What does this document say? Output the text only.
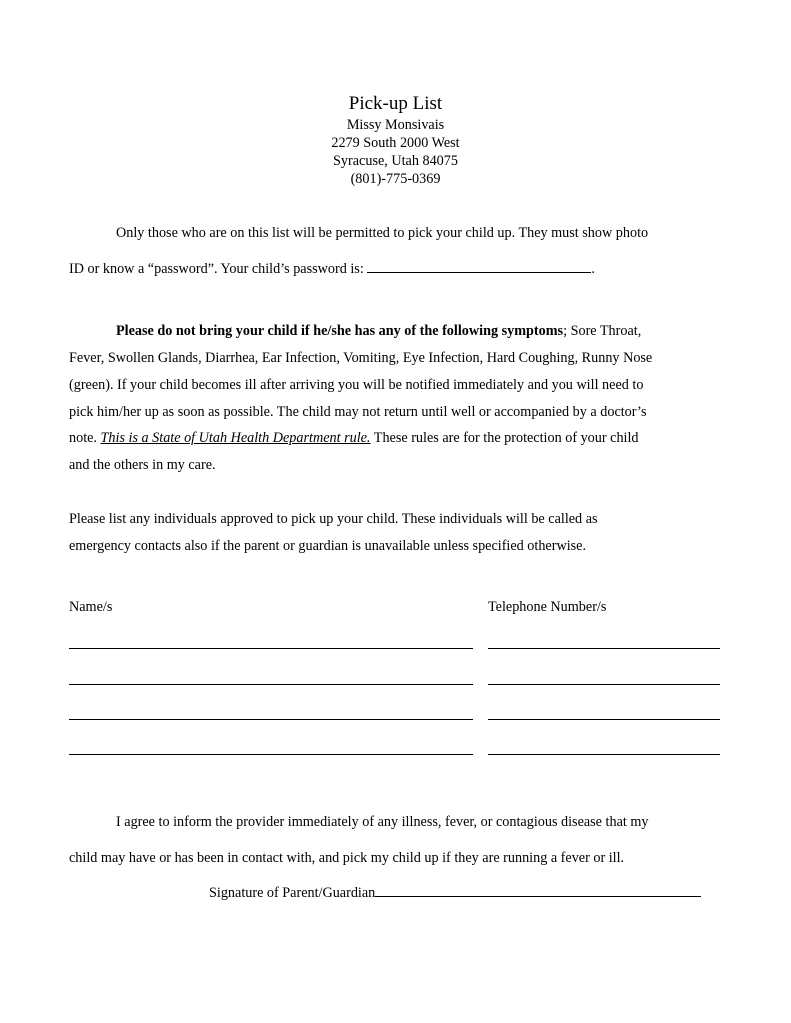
Pick-up List
Missy Monsivais
2279 South 2000 West
Syracuse, Utah 84075
(801)-775-0369
Only those who are on this list will be permitted to pick your child up. They must show photo
ID or know a “password”. Your child’s password is:	.
Please do not bring your child if he/she has any of the following symptoms; Sore Throat,
Fever, Swollen Glands, Diarrhea, Ear Infection, Vomiting, Eye Infection, Hard Coughing, Runny Nose
(green). If your child becomes ill after arriving you will be notified immediately and you will need to
pick him/her up as soon as possible. The child may not return until well or accompanied by a doctor’s
note. This is a State of Utah Health Department rule. These rules are for the protection of your child
and the others in my care.
Please list any individuals approved to pick up your child. These individuals will be called as
emergency contacts also if the parent or guardian is unavailable unless specified otherwise.
Name/s	Telephone Number/s
I agree to inform the provider immediately of any illness, fever, or contagious disease that my
child may have or has been in contact with, and pick my child up if they are running a fever or ill.
Signature of Parent/Guardian
